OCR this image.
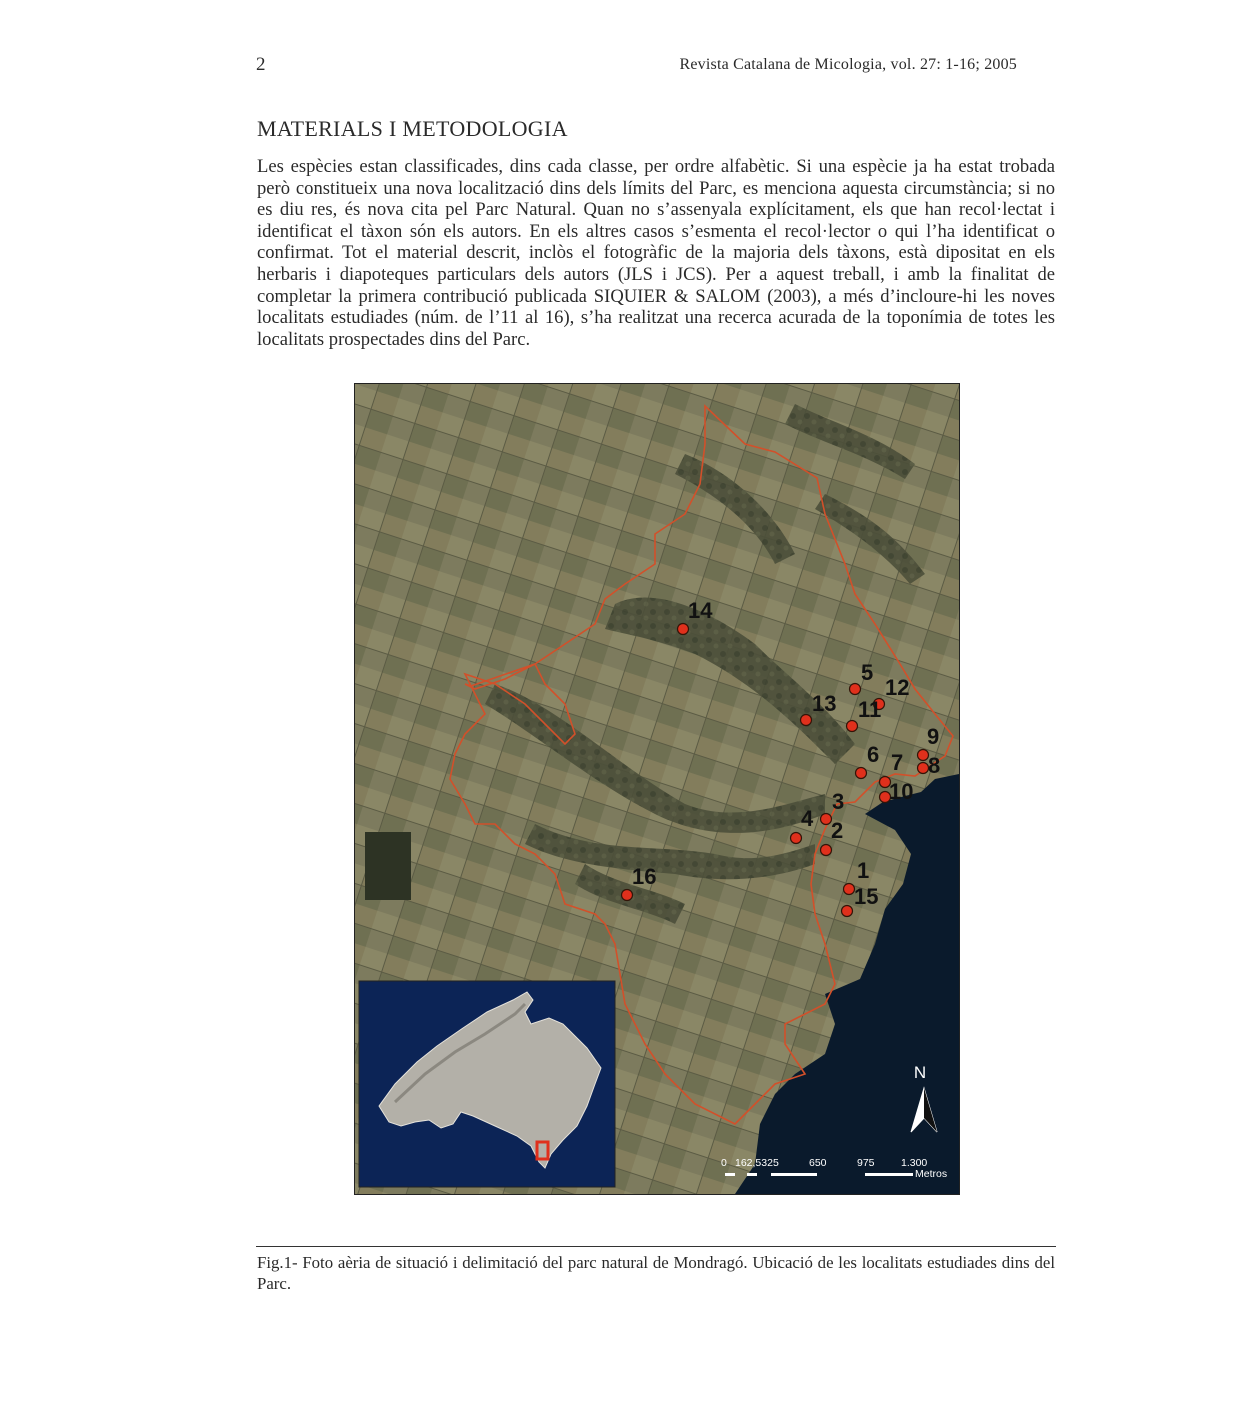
2	Revista Catalana de Micologia, vol. 27: 1-16; 2005
MATERIALS I METODOLOGIA

Les espècies estan classificades, dins cada classe, per ordre alfabètic. Si una espècie ja ha estat trobada però constitueix una nova localització dins dels límits del Parc, es menciona aquesta circumstància; si no es diu res, és nova cita pel Parc Natural. Quan no s’assenyala explícitament, els que han recol·lectat i identificat el tàxon són els autors. En els altres casos s’esmenta el recol·lector o qui l’ha identificat o confirmat. Tot el material descrit, inclòs el fotogràfic de la majoria dels tàxons, està dipositat en els herbaris i diapoteques particulars dels autors (JLS i JCS). Per a aquest treball, i amb la finalitat de completar la primera contribució publicada SIQUIER & SALOM (2003), a més d’incloure-hi les noves localitats estudiades (núm. de l’11 al 16), s’ha realitzat una recerca acurada de la toponímia de totes les localitats prospectades dins del Parc.

1
2
3
4
5
6 7 8
9
10
11
12
13
14
15
16
N
0 162,5325	650	975	1.300
Metros

Fig.1- Foto aèria de situació i delimitació del parc natural de Mondragó. Ubicació de les localitats estudiades dins del Parc.
